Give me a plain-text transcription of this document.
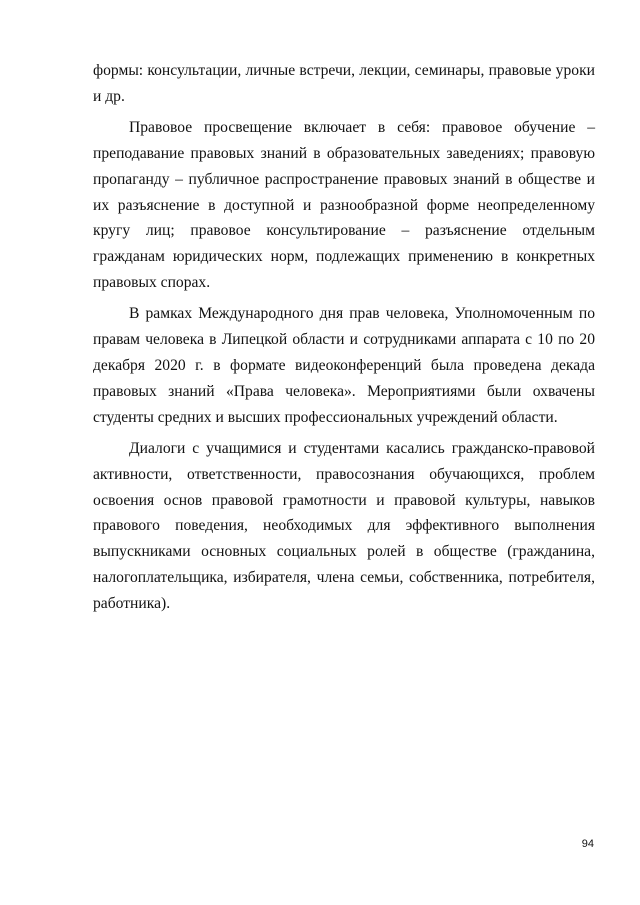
формы: консультации, личные встречи, лекции, семинары, правовые уроки и др.

Правовое просвещение включает в себя: правовое обучение – преподавание правовых знаний в образовательных заведениях; правовую пропаганду – публичное распространение правовых знаний в обществе и их разъяснение в доступной и разнообразной форме неопределенному кругу лиц; правовое консультирование – разъяснение отдельным гражданам юридических норм, подлежащих применению в конкретных правовых спорах.

В рамках Международного дня прав человека, Уполномоченным по правам человека в Липецкой области и сотрудниками аппарата с 10 по 20 декабря 2020 г. в формате видеоконференций была проведена декада правовых знаний «Права человека». Мероприятиями были охвачены студенты средних и высших профессиональных учреждений области.

Диалоги с учащимися и студентами касались гражданско-правовой активности, ответственности, правосознания обучающихся, проблем освоения основ правовой грамотности и правовой культуры, навыков правового поведения, необходимых для эффективного выполнения выпускниками основных социальных ролей в обществе (гражданина, налогоплательщика, избирателя, члена семьи, собственника, потребителя, работника).

94
